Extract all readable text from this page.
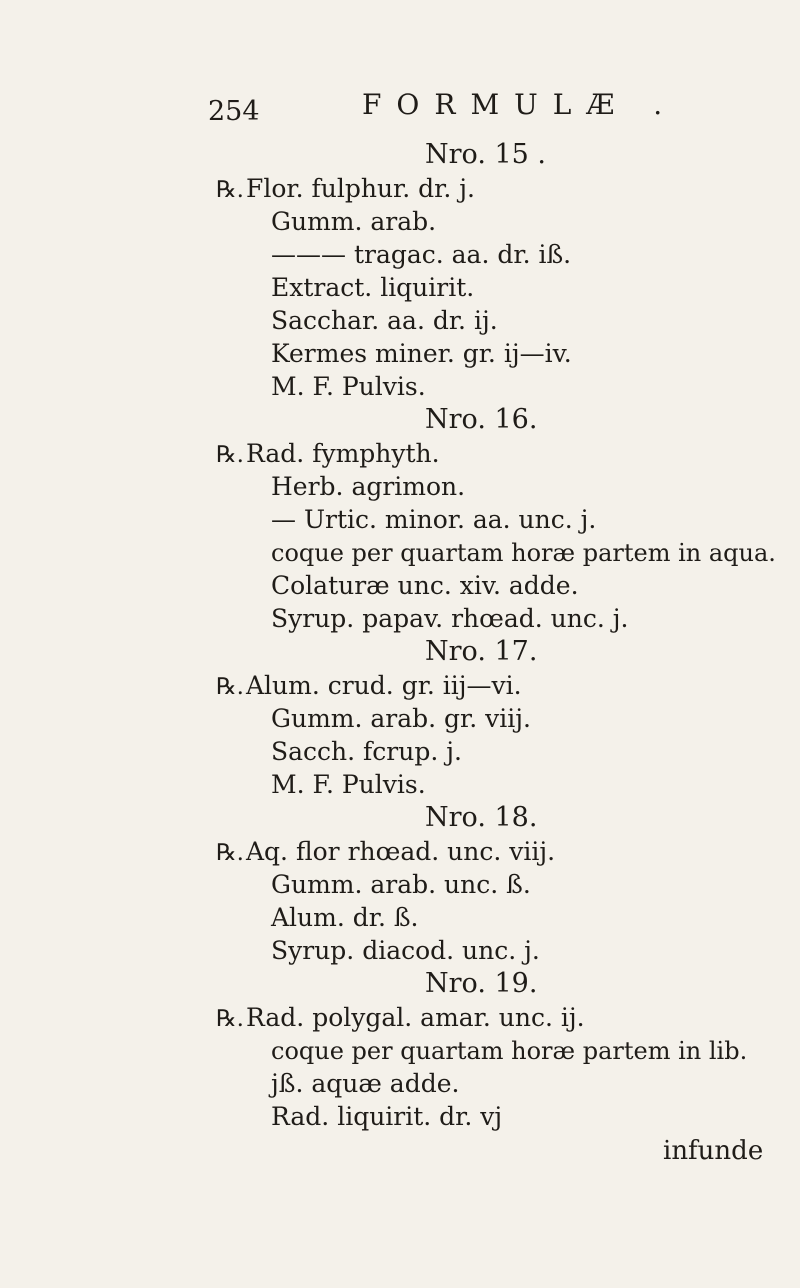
254	FORMULÆ .
Nro. 15 .
℞. Flor. fulphur. dr. j.
Gumm. arab.
——— tragac. aa. dr. iß.
Extract. liquirit.
Sacchar. aa. dr. ij.
Kermes miner. gr. ij—iv.
M. F. Pulvis.
Nro. 16.
℞. Rad. fymphyth.
Herb. agrimon.
— Urtic. minor. aa. unc. j.
coque per quartam horæ partem in aqua.
Colaturæ unc. xiv. adde.
Syrup. papav. rhœad. unc. j.
Nro. 17.
℞. Alum. crud. gr. iij—vi.
Gumm. arab. gr. viij.
Sacch. fcrup. j.
M. F. Pulvis.
Nro. 18.
℞. Aq. flor rhœad. unc. viij.
Gumm. arab. unc. ß.
Alum. dr. ß.
Syrup. diacod. unc. j.
Nro. 19.
℞. Rad. polygal. amar. unc. ij.
coque per quartam horæ partem in lib.
jß. aquæ adde.
Rad. liquirit. dr. vj
infunde
